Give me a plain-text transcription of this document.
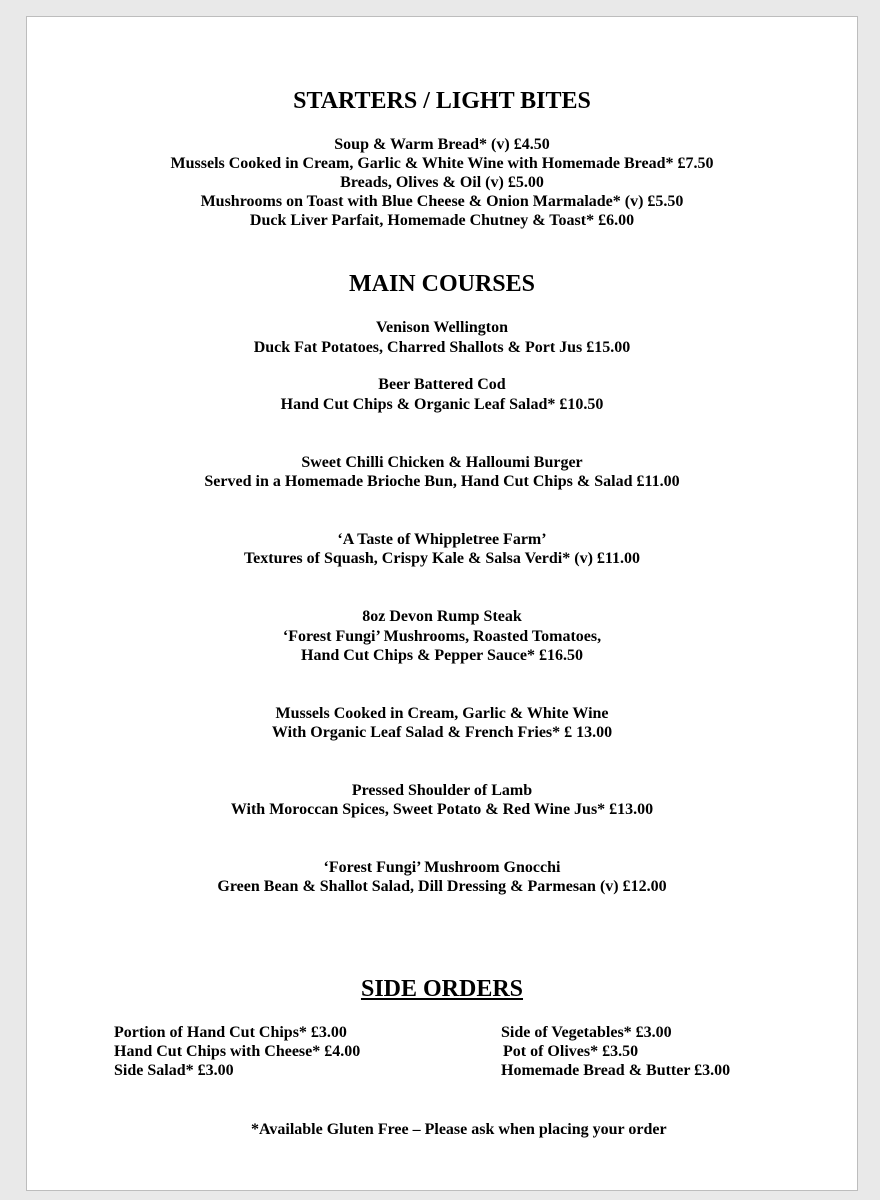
STARTERS / LIGHT BITES

Soup & Warm Bread* (v) £4.50

Mussels Cooked in Cream, Garlic & White Wine with Homemade Bread* £7.50

Breads, Olives & Oil (v) £5.00

Mushrooms on Toast with Blue Cheese & Onion Marmalade* (v) £5.50

Duck Liver Parfait, Homemade Chutney & Toast* £6.00

MAIN COURSES

Venison Wellington

Duck Fat Potatoes, Charred Shallots & Port Jus £15.00

Beer Battered Cod

Hand Cut Chips & Organic Leaf Salad* £10.50

Sweet Chilli Chicken & Halloumi Burger

Served in a Homemade Brioche Bun, Hand Cut Chips & Salad £11.00

‘A Taste of Whippletree Farm’

Textures of Squash, Crispy Kale & Salsa Verdi* (v) £11.00

8oz Devon Rump Steak

‘Forest Fungi’ Mushrooms, Roasted Tomatoes,

Hand Cut Chips & Pepper Sauce* £16.50

Mussels Cooked in Cream, Garlic & White Wine

With Organic Leaf Salad & French Fries* £ 13.00

Pressed Shoulder of Lamb

With Moroccan Spices, Sweet Potato & Red Wine Jus* £13.00

‘Forest Fungi’ Mushroom Gnocchi

Green Bean & Shallot Salad, Dill Dressing & Parmesan (v) £12.00

SIDE ORDERS
Portion of Hand Cut Chips* £3.00
Hand Cut Chips with Cheese* £4.00
Side Salad* £3.00
Side of Vegetables* £3.00
Pot of Olives* £3.50
Homemade Bread & Butter £3.00
*Available Gluten Free – Please ask when placing your order
